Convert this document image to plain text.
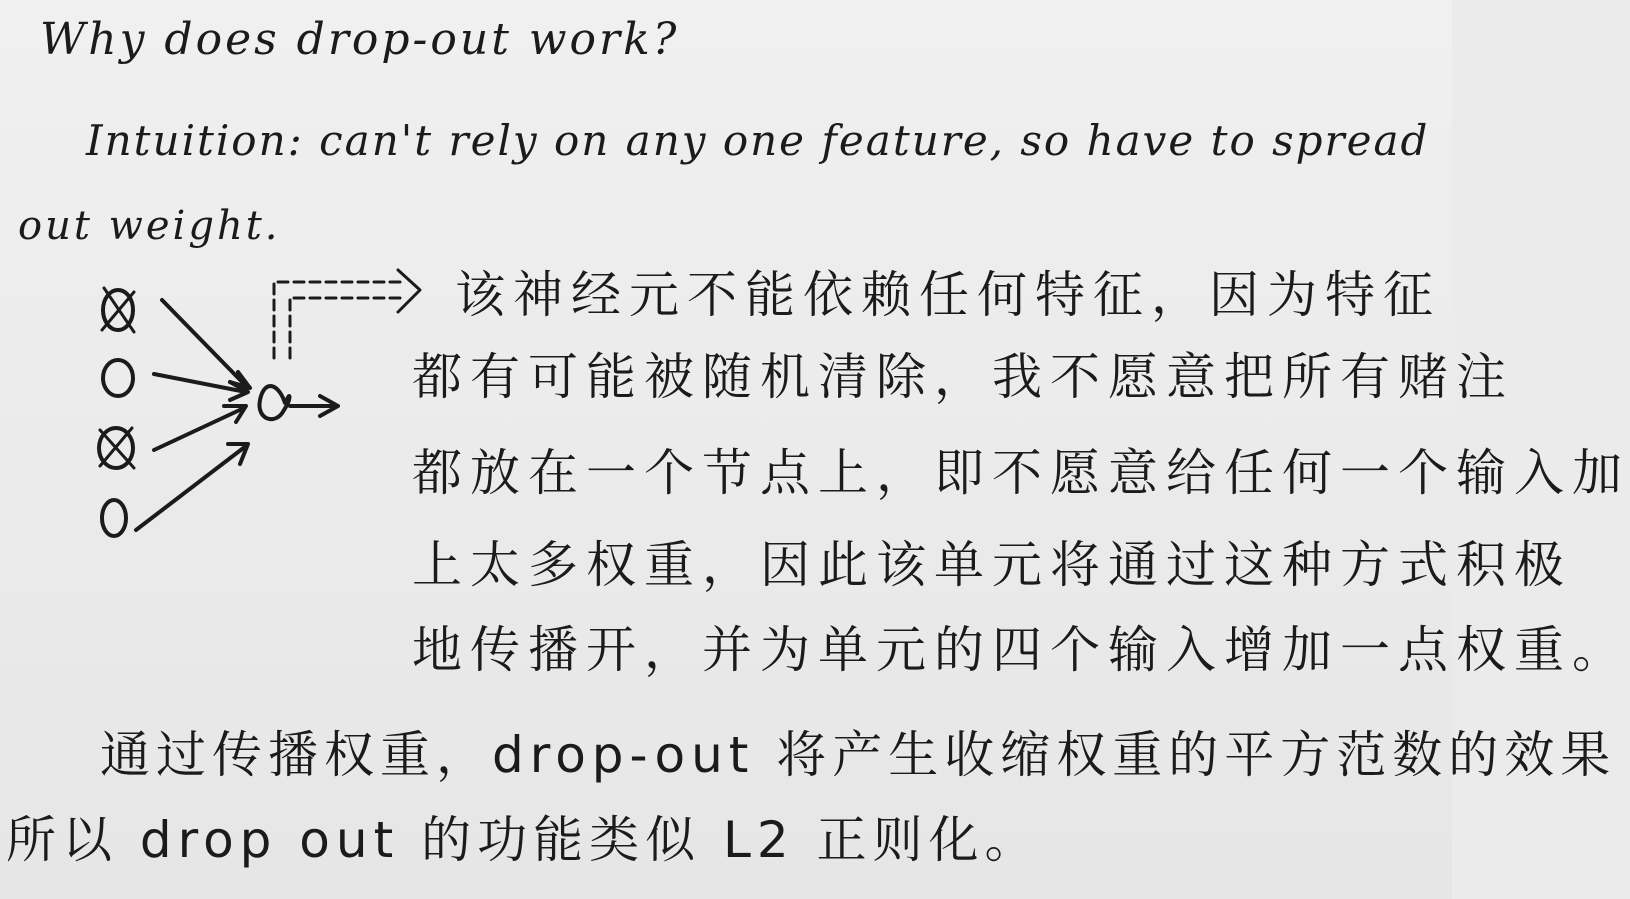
Why does drop-out work?
Intuition: can't rely on any one feature, so have to spread
out weight.
该神经元不能依赖任何特征，因为特征
都有可能被随机清除，我不愿意把所有赌注
都放在一个节点上，即不愿意给任何一个输入加
上太多权重，因此该单元将通过这种方式积极
地传播开，并为单元的四个输入增加一点权重。
通过传播权重，drop-out 将产生收缩权重的平方范数的效果
所以 drop out 的功能类似 L2 正则化。
